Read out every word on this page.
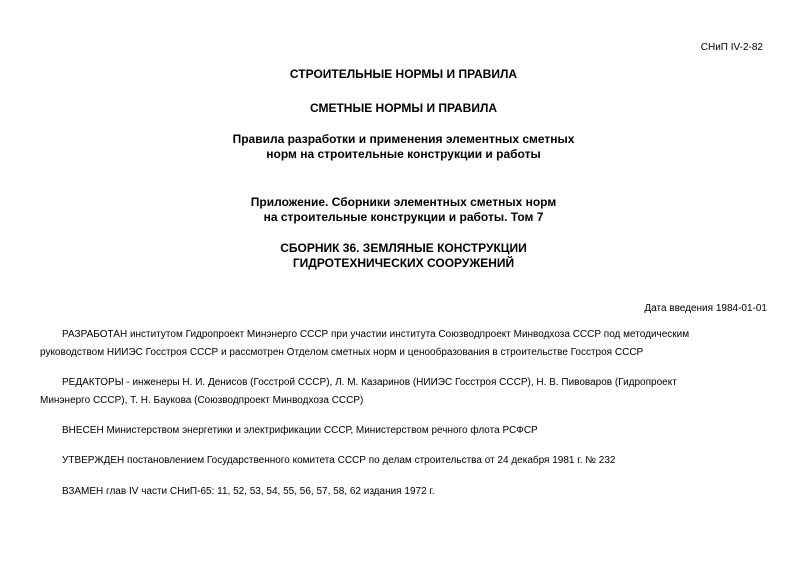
СНиП IV-2-82

СТРОИТЕЛЬНЫЕ НОРМЫ И ПРАВИЛА

СМЕТНЫЕ НОРМЫ И ПРАВИЛА

Правила разработки и применения элементных сметных
норм на строительные конструкции и работы
Приложение. Сборники элементных сметных норм
на строительные конструкции и работы. Том 7
СБОРНИК 36. ЗЕМЛЯНЫЕ КОНСТРУКЦИИ
ГИДРОТЕХНИЧЕСКИХ СООРУЖЕНИЙ
Дата введения 1984-01-01
РАЗРАБОТАН институтом Гидропроект Минэнерго СССР при участии института Союзводпроект Минводхоза СССР под методическим
руководством НИИЭС Госстроя СССР и рассмотрен Отделом сметных норм и ценообразования в строительстве Госстроя СССР
РЕДАКТОРЫ - инженеры Н. И. Денисов (Госстрой СССР), Л. М. Казаринов (НИИЭС Госстроя СССР), Н. В. Пивоваров (Гидропроект
Минэнерго СССР), Т. Н. Баукова (Союзводпроект Минводхоза СССР)
ВНЕСЕН Министерством энергетики и электрификации СССР, Министерством речного флота РСФСР
УТВЕРЖДЕН постановлением Государственного комитета СССР по делам строительства от 24 декабря 1981 г. № 232
ВЗАМЕН глав IV части СНиП-65: 11, 52, 53, 54, 55, 56, 57, 58, 62 издания 1972 г.
